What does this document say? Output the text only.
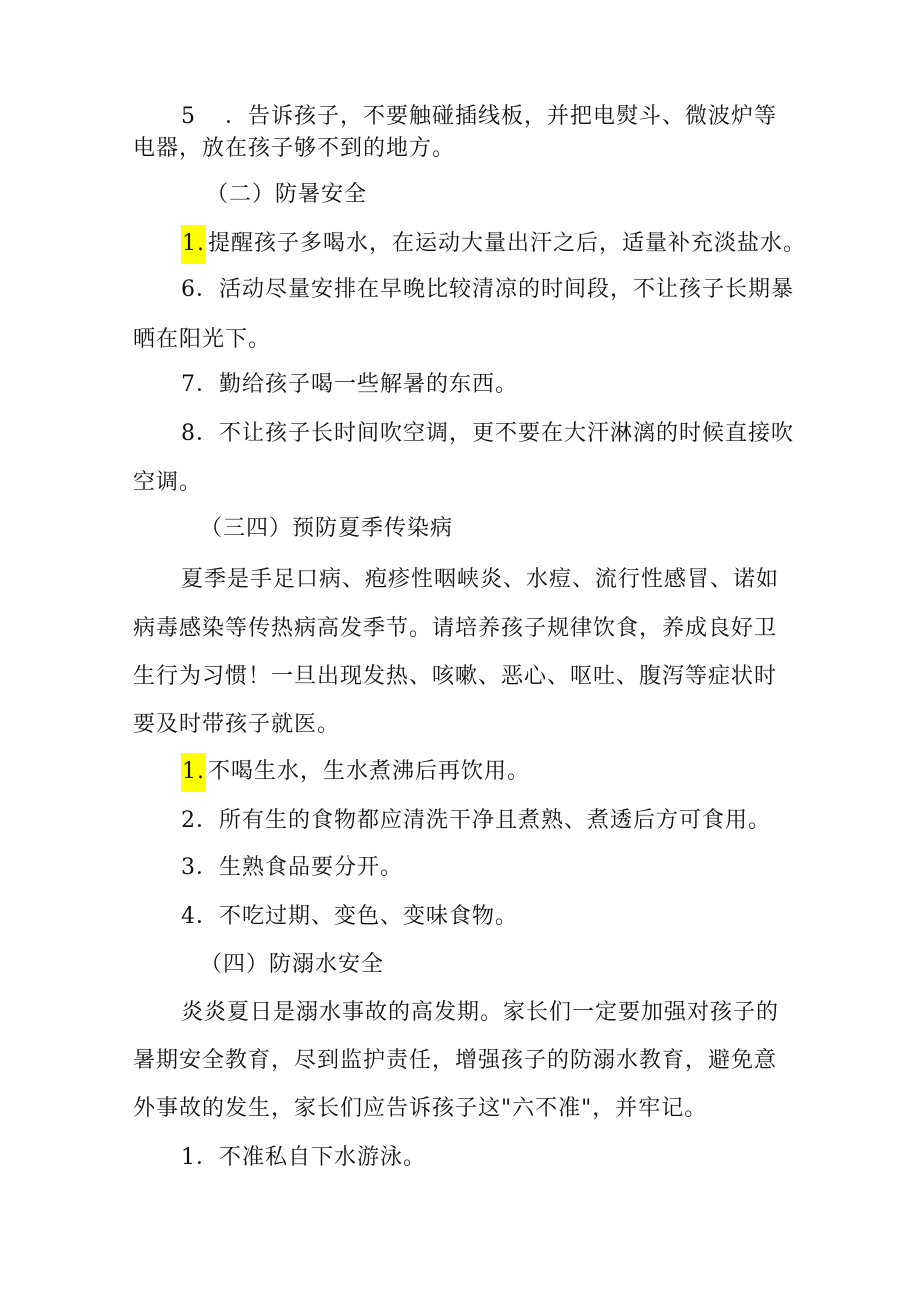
5 ．告诉孩子，不要触碰插线板，并把电熨斗、微波炉等
电器，放在孩子够不到的地方。
（二）防暑安全
1. 提醒孩子多喝水，在运动大量出汗之后，适量补充淡盐水。
6．活动尽量安排在早晚比较清凉的时间段，不让孩子长期暴
晒在阳光下。
7．勤给孩子喝一些解暑的东西。
8．不让孩子长时间吹空调，更不要在大汗淋漓的时候直接吹
空调。
（三四）预防夏季传染病
夏季是手足口病、疱疹性咽峡炎、水痘、流行性感冒、诺如
病毒感染等传热病高发季节。请培养孩子规律饮食，养成良好卫
生行为习惯！一旦出现发热、咳嗽、恶心、呕吐、腹泻等症状时
要及时带孩子就医。
1. 不喝生水，生水煮沸后再饮用。
2．所有生的食物都应清洗干净且煮熟、煮透后方可食用。
3．生熟食品要分开。
4．不吃过期、变色、变味食物。
（四）防溺水安全
炎炎夏日是溺水事故的高发期。家长们一定要加强对孩子的
暑期安全教育，尽到监护责任，增强孩子的防溺水教育，避免意
外事故的发生，家长们应告诉孩子这"六不准"，并牢记。
1．不准私自下水游泳。
